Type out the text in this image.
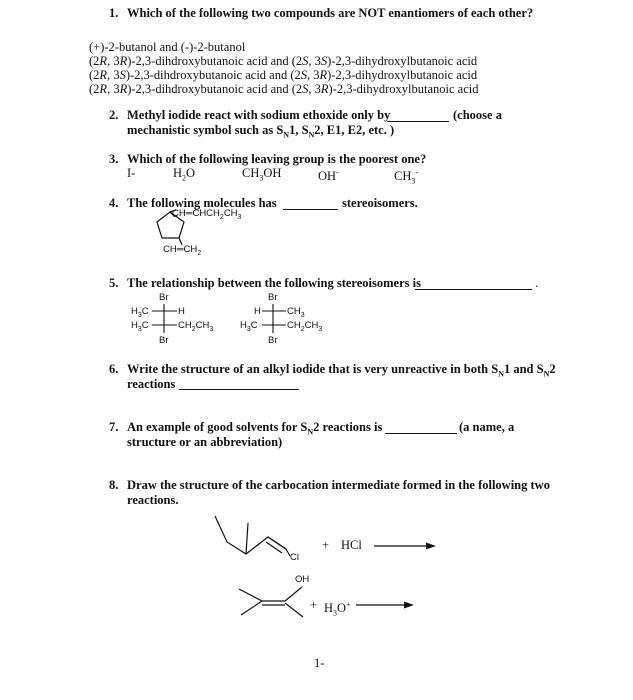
1. Which of the following two compounds are NOT enantiomers of each other?
(+)-2-butanol and (-)-2-butanol
(2R, 3R)-2,3-dihdroxybutanoic acid and (2S, 3S)-2,3-dihydroxylbutanoic acid
(2R, 3S)-2,3-dihdroxybutanoic acid and (2S, 3R)-2,3-dihydroxylbutanoic acid
(2R, 3R)-2,3-dihdroxybutanoic acid and (2S, 3R)-2,3-dihydroxylbutanoic acid
2. Methyl iodide react with sodium ethoxide only by	(choose a
mechanistic symbol such as $S_N1$, $S_N2$, E1, E2, etc. )
3. Which of the following leaving group is the poorest one?
I-	$H_2O$	$CH_3OH$	OH-	$CH_3^-$
4. The following molecules has	stereoisomers.
$CH═CHCH_2CH_3$
$CH═CH_2$
5. The relationship between the following stereoisomers is	.
Br
$H_3C$	H
$H_3C$	$CH_2CH_3$
Br
Br
H	$CH_3$
$H_3C$	$CH_2CH_3$
Br
6. Write the structure of an alkyl iodide that is very unreactive in both $S_N1$ and $S_N2$
reactions
7. An example of good solvents for $S_N2$ reactions is	(a name, a
structure or an abbreviation)
8. Draw the structure of the carbocation intermediate formed in the following two
reactions.
Cl
+ HCl
OH
+ $H_3O^+$
1-
